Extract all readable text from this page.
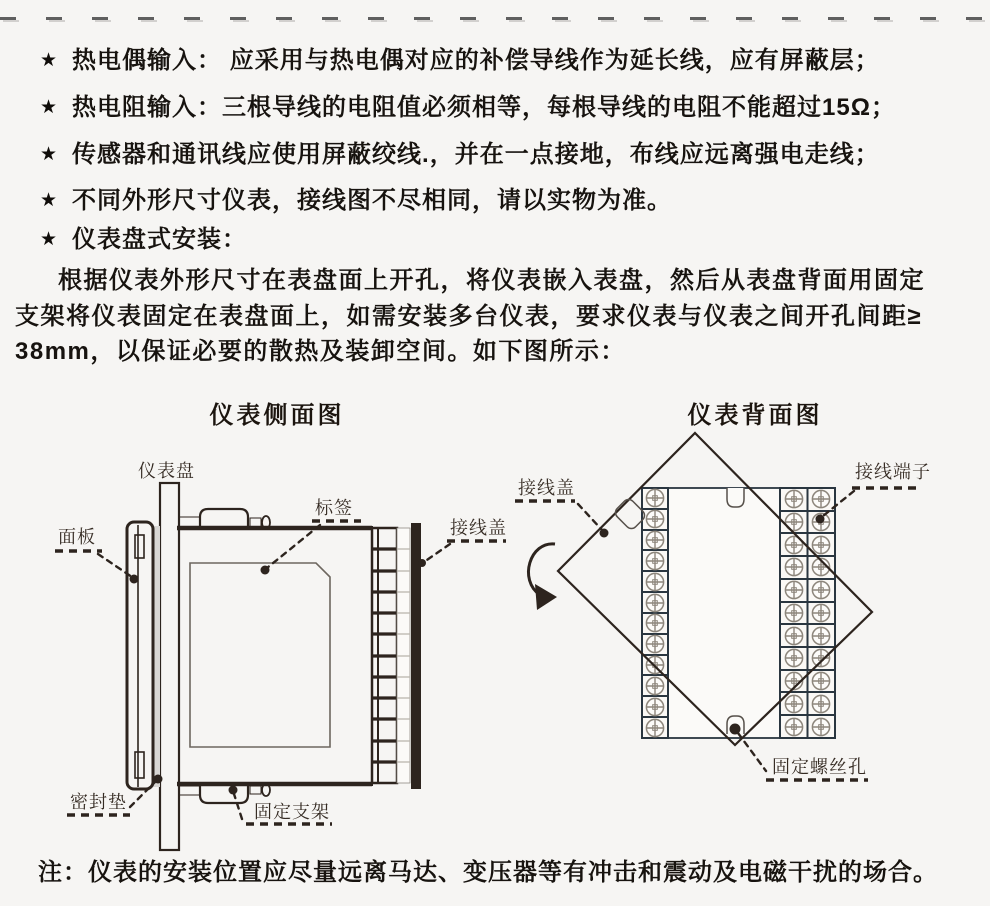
★ 热电偶输入： 应采用与热电偶对应的补偿导线作为延长线，应有屏蔽层；
★ 热电阻输入：三根导线的电阻值必须相等，每根导线的电阻不能超过15Ω；
★ 传感器和通讯线应使用屏蔽绞线.，并在一点接地，布线应远离强电走线；
★ 不同外形尺寸仪表，接线图不尽相同，请以实物为准。
★ 仪表盘式安装：
根据仪表外形尺寸在表盘面上开孔，将仪表嵌入表盘，然后从表盘背面用固定
支架将仪表固定在表盘面上，如需安装多台仪表，要求仪表与仪表之间开孔间距≥
38mm，以保证必要的散热及装卸空间。如下图所示：
仪表侧面图	仪表背面图
仪表盘
面板
标签
接线盖
密封垫	固定支架
接线盖
接线端子
固定螺丝孔
注：仪表的安装位置应尽量远离马达、变压器等有冲击和震动及电磁干扰的场合。
